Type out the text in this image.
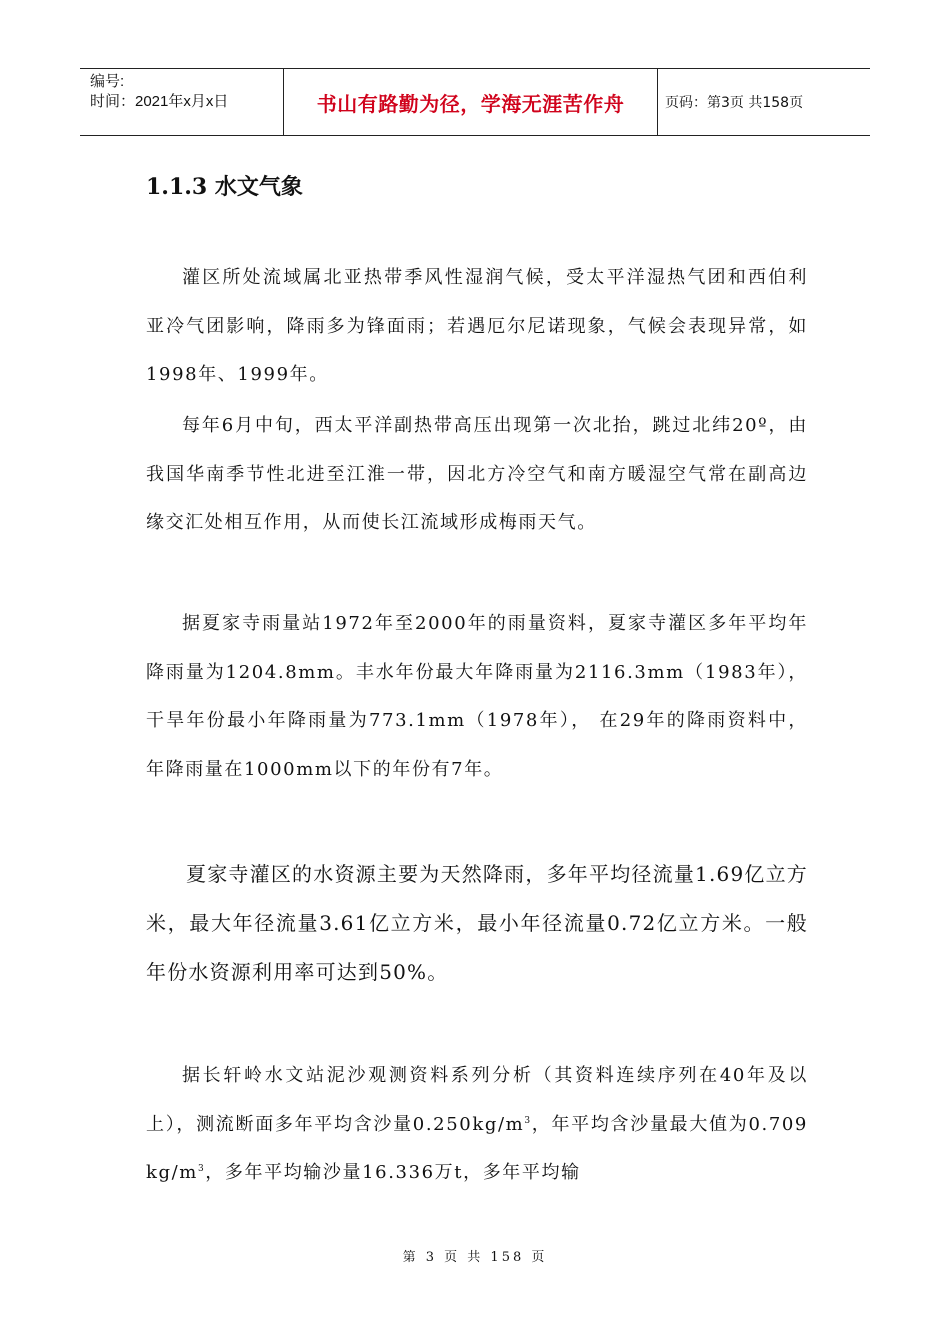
编号:
时间：2021年x月x日	书山有路勤为径，学海无涯苦作舟	页码：第3页 共158页
1.1.3 水文气象

灌区所处流域属北亚热带季风性湿润气候，受太平洋湿热气团和西伯利亚冷气团影响，降雨多为锋面雨；若遇厄尔尼诺现象，气候会表现异常，如1998年、1999年。

每年6月中旬，西太平洋副热带高压出现第一次北抬，跳过北纬20º，由我国华南季节性北进至江淮一带，因北方冷空气和南方暖湿空气常在副高边缘交汇处相互作用，从而使长江流域形成梅雨天气。

据夏家寺雨量站1972年至2000年的雨量资料，夏家寺灌区多年平均年降雨量为1204.8mm。丰水年份最大年降雨量为2116.3mm（1983年）， 干旱年份最小年降雨量为773.1mm（1978年）， 在29年的降雨资料中，年降雨量在1000mm以下的年份有7年。

夏家寺灌区的水资源主要为天然降雨，多年平均径流量1.69亿立方米，最大年径流量3.61亿立方米，最小年径流量0.72亿立方米。一般年份水资源利用率可达到50%。

据长轩岭水文站泥沙观测资料系列分析（其资料连续序列在40年及以上），测流断面多年平均含沙量$0.250kg/m^3$，年平均含沙量最大值为0.709 $kg/m^3$，多年平均输沙量16.336万t，多年平均输

第 3 页 共 158 页
